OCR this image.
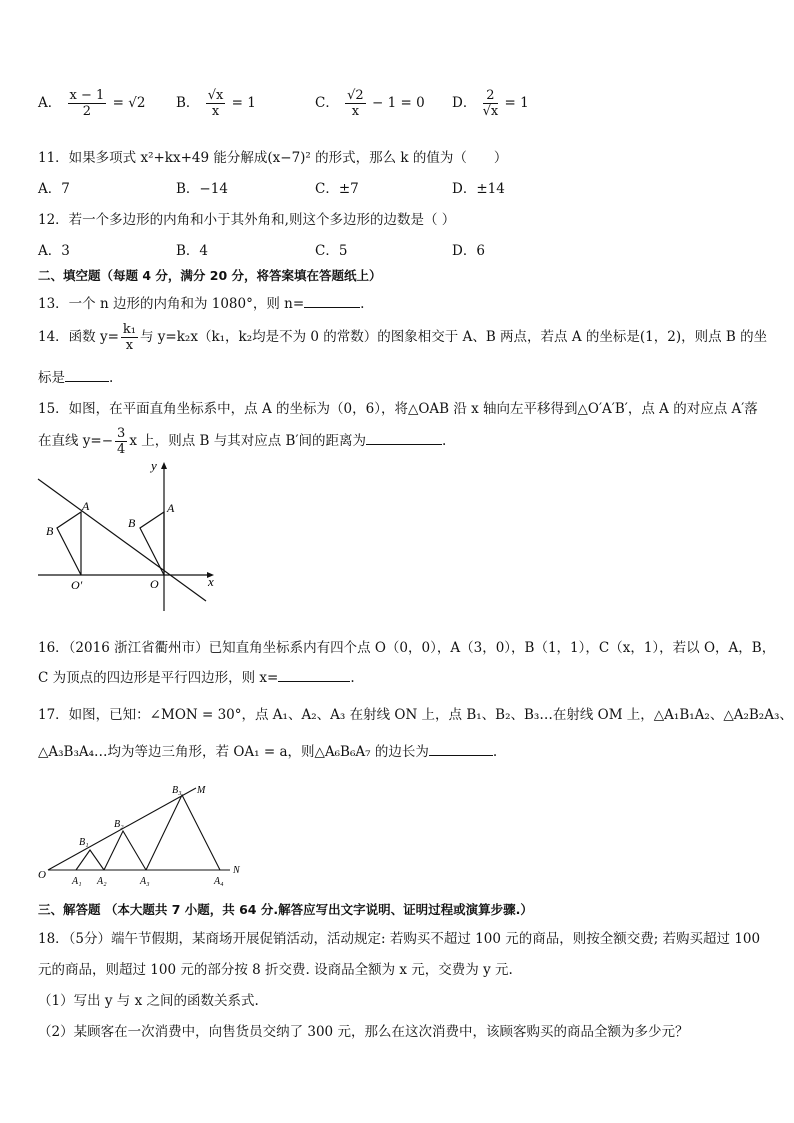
A． $\frac{x - 1}{2} = √2$ B． $\frac{√x}{x} = 1$	C． $\frac{√2}{x} - 1 = 0$ D． $\frac{2}{√x} = 1$
11．如果多项式 x²+kx+49 能分解成(x−7)² 的形式，那么 k 的值为（　　）
A．7	B．−14	C．±7	D．±14
12．若一个多边形的内角和小于其外角和,则这个多边形的边数是（ ）
A．3	B．4	C．5	D．6
二、填空题（每题 4 分，满分 20 分，将答案填在答题纸上）
13．一个 n 边形的内角和为 1080°，则 n=	.
14．函数 $y= \frac{\text{k₁}}{x}$ 与 y=k₂x（k₁，k₂均是不为 0 的常数）的图象相交于 A、B 两点，若点 A 的坐标是(1，2)，则点 B 的坐
标是	.
15．如图，在平面直角坐标系中，点 A 的坐标为（0，6），将△OAB 沿 x 轴向左平移得到△O′A′B′，点 A 的对应点 A′落
在直线 $y=- \frac{3}{4}$ x 上，则点 B 与其对应点 B′间的距离为	.
y
x
A
B
O′
A
B
O
16．（2016 浙江省衢州市）已知直角坐标系内有四个点 O（0，0），A（3，0），B（1，1），C（x，1），若以 O，A，B，
C 为顶点的四边形是平行四边形，则 x=	.
17．如图，已知：∠MON = 30°，点 A₁、A₂、A₃ 在射线 ON 上，点 B₁、B₂、B₃…在射线 OM 上，△A₁B₁A₂、△A₂B₂A₃、
△A₃B₃A₄…均为等边三角形，若 OA₁ = a，则△A₆B₆A₇ 的边长为	.
O
A₁ A₂	A₃	A₄
B₁
B₂
B₃ M
N
三、解答题 （本大题共 7 小题，共 64 分.解答应写出文字说明、证明过程或演算步骤.）
18．（5分）端午节假期，某商场开展促销活动，活动规定: 若购买不超过 100 元的商品，则按全额交费; 若购买超过 100
元的商品，则超过 100 元的部分按 8 折交费. 设商品全额为 x 元，交费为 y 元.
（1）写出 y 与 x 之间的函数关系式.
（2）某顾客在一次消费中，向售货员交纳了 300 元，那么在这次消费中，该顾客购买的商品全额为多少元？
